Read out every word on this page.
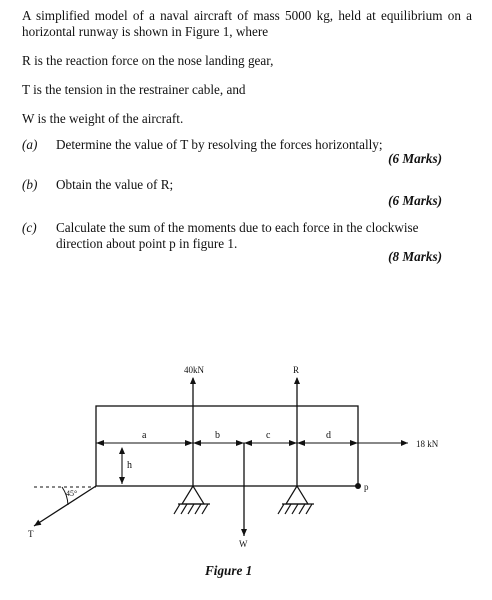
A simplified model of a naval aircraft of mass 5000 kg, held at equilibrium on a horizontal runway is shown in Figure 1, where

R is the reaction force on the nose landing gear,

T is the tension in the restrainer cable, and

W is the weight of the aircraft.

(a) Determine the value of T by resolving the forces horizontally;
(6 Marks)
(b) Obtain the value of R;
(6 Marks)
(c) Calculate the sum of the moments due to each force in the clockwise direction about point p in figure 1.
(8 Marks)
40kN	R
18 kN
W
T
45°
p
a	b	c	d
h
Figure 1
